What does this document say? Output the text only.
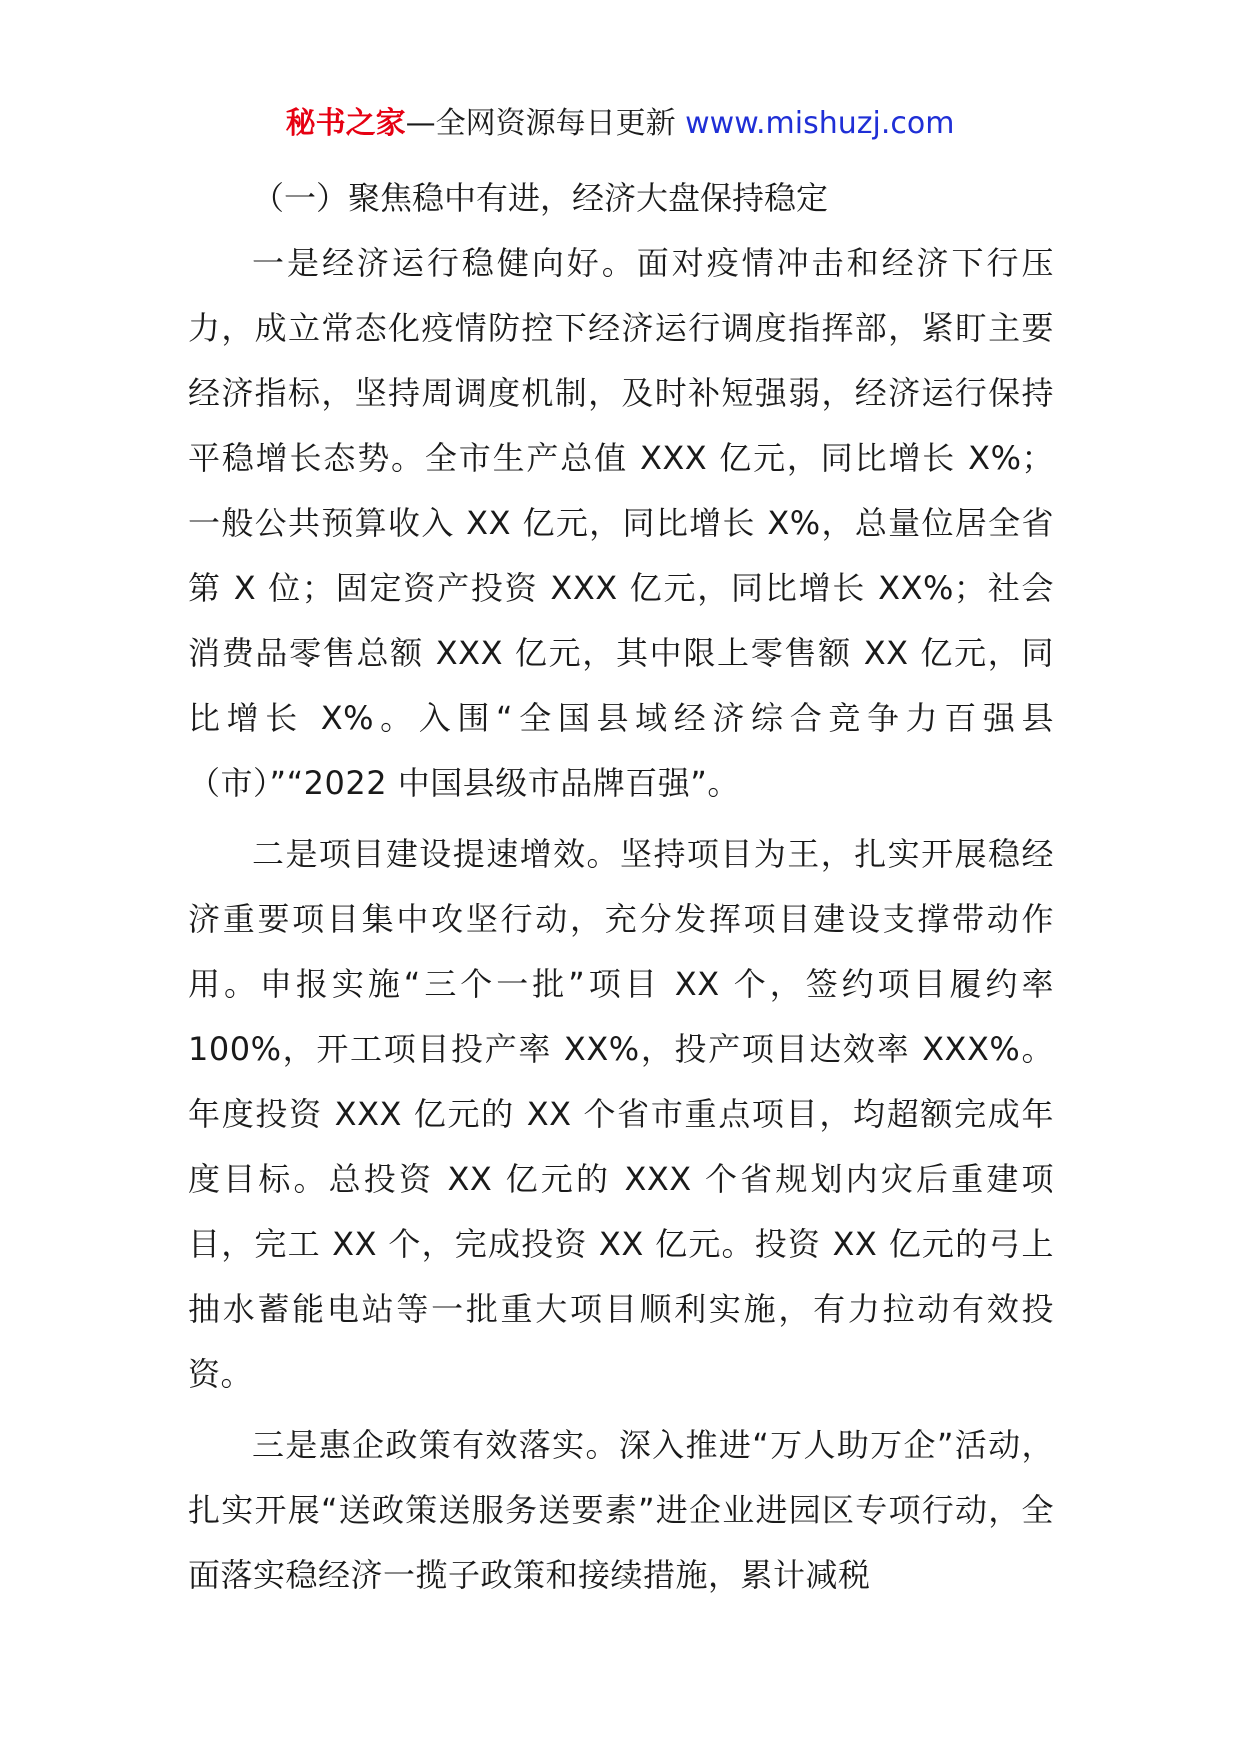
秘书之家—全网资源每日更新 www.mishuzj.com

（一）聚焦稳中有进，经济大盘保持稳定

一是经济运行稳健向好。面对疫情冲击和经济下行压力，成立常态化疫情防控下经济运行调度指挥部，紧盯主要经济指标，坚持周调度机制，及时补短强弱，经济运行保持平稳增长态势。全市生产总值 XXX 亿元，同比增长 X%；一般公共预算收入 XX 亿元，同比增长 X%，总量位居全省第 X 位；固定资产投资 XXX 亿元，同比增长 XX%；社会消费品零售总额 XXX 亿元，其中限上零售额 XX 亿元，同比增长 X%。入围“全国县域经济综合竞争力百强县（市）”“2022 中国县级市品牌百强”。

二是项目建设提速增效。坚持项目为王，扎实开展稳经济重要项目集中攻坚行动，充分发挥项目建设支撑带动作用。申报实施“三个一批”项目 XX 个，签约项目履约率 100%，开工项目投产率 XX%，投产项目达效率 XXX%。年度投资 XXX 亿元的 XX 个省市重点项目，均超额完成年度目标。总投资 XX 亿元的 XXX 个省规划内灾后重建项目，完工 XX 个，完成投资 XX 亿元。投资 XX 亿元的弓上抽水蓄能电站等一批重大项目顺利实施，有力拉动有效投资。

三是惠企政策有效落实。深入推进“万人助万企”活动，扎实开展“送政策送服务送要素”进企业进园区专项行动，全面落实稳经济一揽子政策和接续措施，累计减税
